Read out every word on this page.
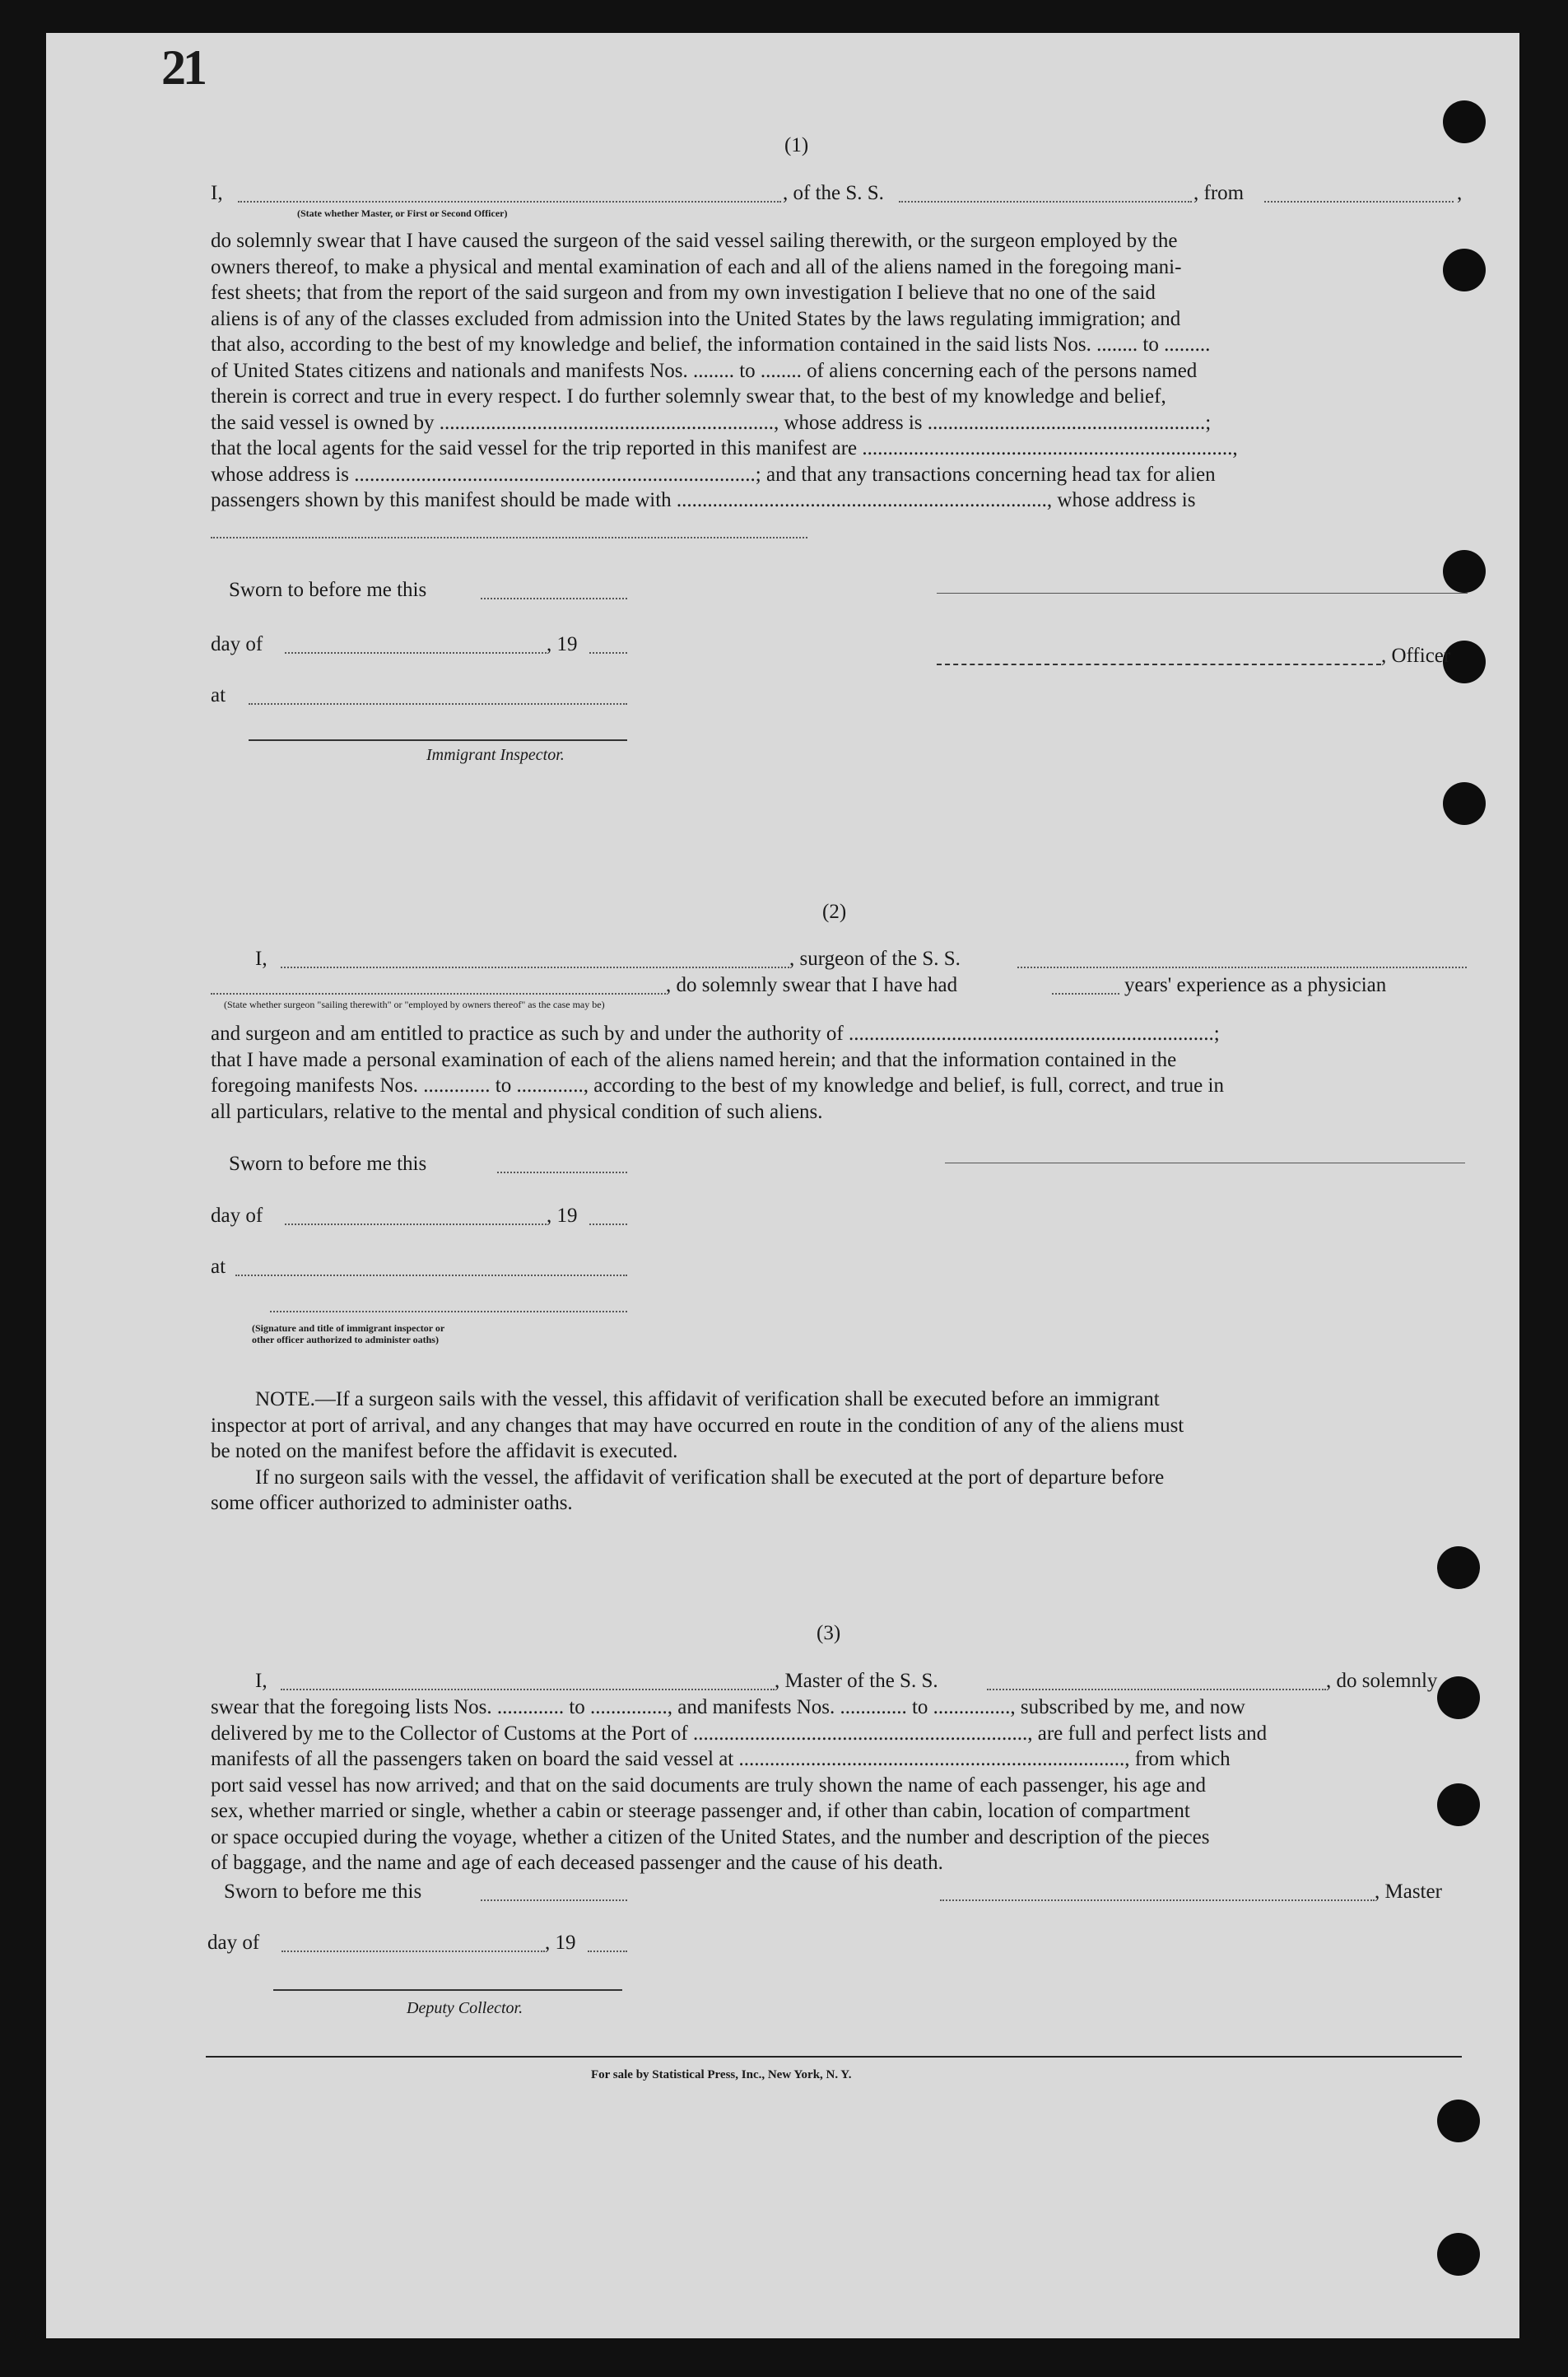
21
(1)
I,	, of the S. S.	, from	,
(State whether Master, or First or Second Officer)
do solemnly swear that I have caused the surgeon of the said vessel sailing therewith, or the surgeon employed by the
owners thereof, to make a physical and mental examination of each and all of the aliens named in the foregoing mani-
fest sheets; that from the report of the said surgeon and from my own investigation I believe that no one of the said
aliens is of any of the classes excluded from admission into the United States by the laws regulating immigration; and
that also, according to the best of my knowledge and belief, the information contained in the said lists Nos. ........ to .........
of United States citizens and nationals and manifests Nos. ........ to ........ of aliens concerning each of the persons named
therein is correct and true in every respect. I do further solemnly swear that, to the best of my knowledge and belief,
the said vessel is owned by ................................................................., whose address is ......................................................;
that the local agents for the said vessel for the trip reported in this manifest are ........................................................................,
whose address is ..............................................................................; and that any transactions concerning head tax for alien
passengers shown by this manifest should be made with ........................................................................, whose address is
Sworn to before me this
day of	, 19
, Officer
at
Immigrant Inspector.
(2)
I,	, surgeon of the S. S.
, do solemnly swear that I have had	years' experience as a physician
(State whether surgeon "sailing therewith" or "employed by owners thereof" as the case may be)
and surgeon and am entitled to practice as such by and under the authority of .......................................................................;
that I have made a personal examination of each of the aliens named herein; and that the information contained in the
foregoing manifests Nos. ............. to ............., according to the best of my knowledge and belief, is full, correct, and true in
all particulars, relative to the mental and physical condition of such aliens.
Sworn to before me this
day of	, 19
at
(Signature and title of immigrant inspector or
other officer authorized to administer oaths)
NOTE.—If a surgeon sails with the vessel, this affidavit of verification shall be executed before an immigrant
inspector at port of arrival, and any changes that may have occurred en route in the condition of any of the aliens must
be noted on the manifest before the affidavit is executed.
If no surgeon sails with the vessel, the affidavit of verification shall be executed at the port of departure before
some officer authorized to administer oaths.
(3)
I,	, Master of the S. S.	, do solemnly
swear that the foregoing lists Nos. ............. to ..............., and manifests Nos. ............. to ..............., subscribed by me, and now
delivered by me to the Collector of Customs at the Port of ................................................................., are full and perfect lists and
manifests of all the passengers taken on board the said vessel at ..........................................................................., from which
port said vessel has now arrived; and that on the said documents are truly shown the name of each passenger, his age and
sex, whether married or single, whether a cabin or steerage passenger and, if other than cabin, location of compartment
or space occupied during the voyage, whether a citizen of the United States, and the number and description of the pieces
of baggage, and the name and age of each deceased passenger and the cause of his death.
Sworn to before me this	, Master
day of	, 19
Deputy Collector.
For sale by Statistical Press, Inc., New York, N. Y.
